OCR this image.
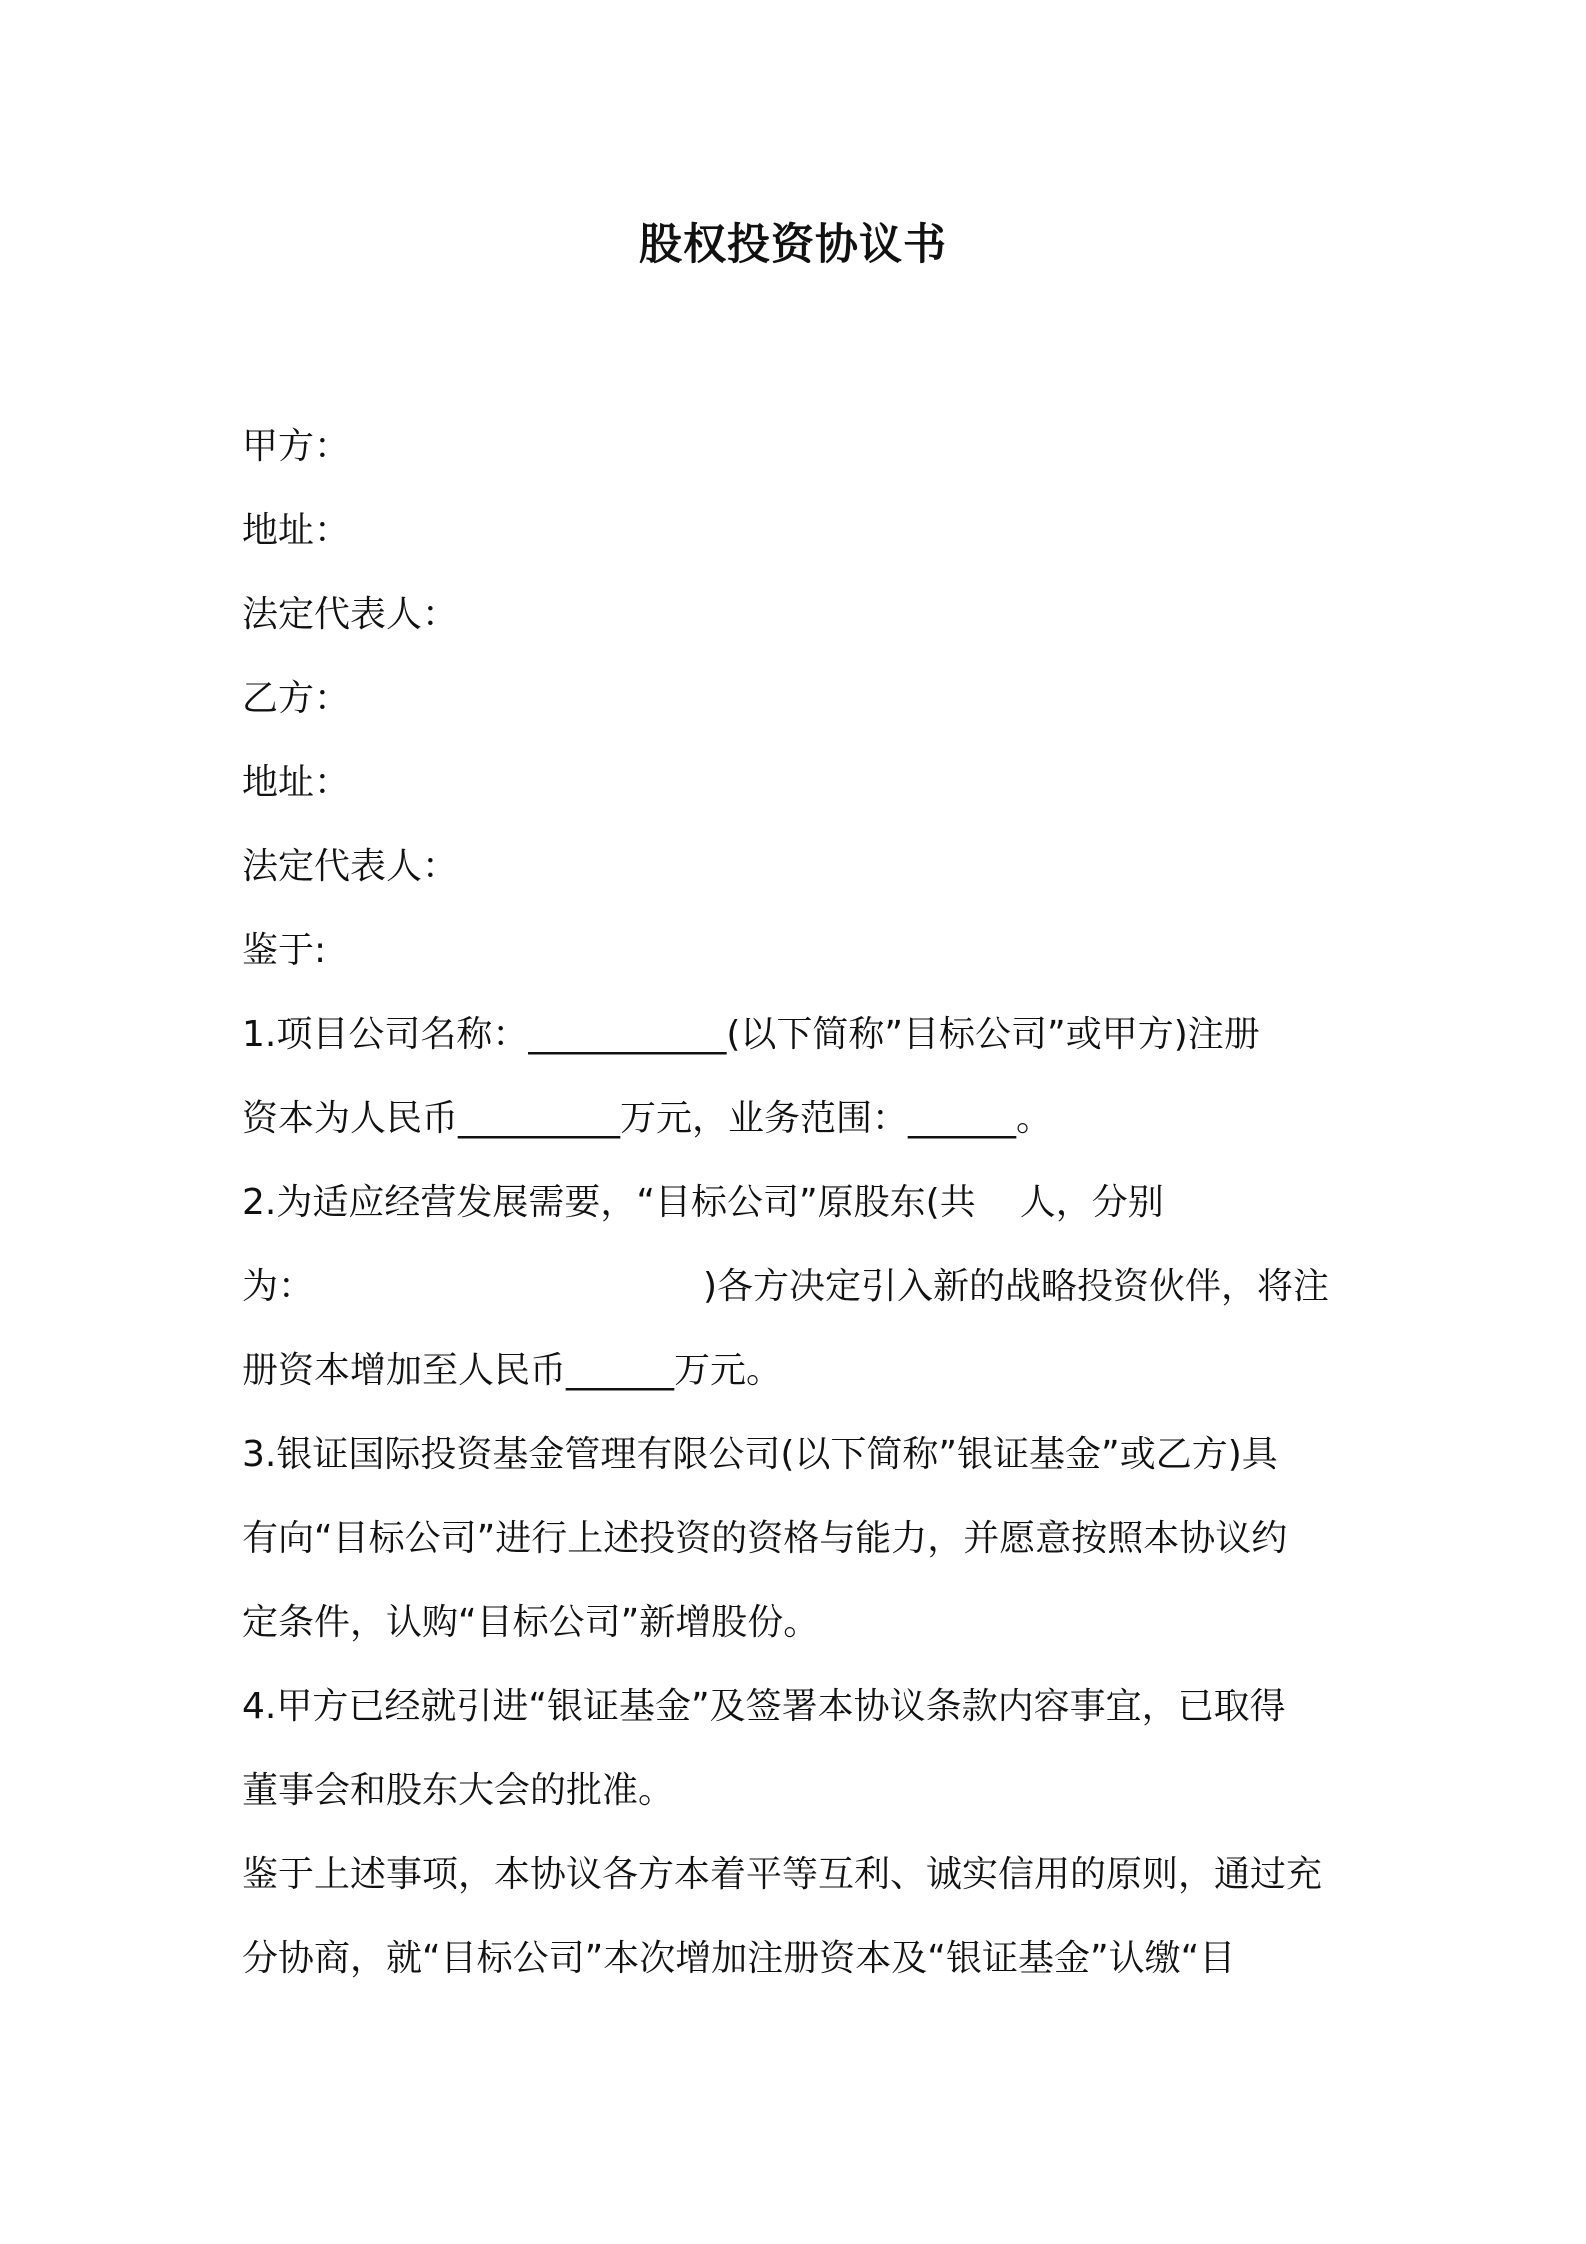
股权投资协议书

甲方：

地址：

法定代表人：

乙方：

地址：

法定代表人：

鉴于:

1.项目公司名称：___________(以下简称”目标公司”或甲方)注册

资本为人民币_________万元，业务范围：______。

2.为适应经营发展需要，“目标公司”原股东(共 人，分别

为：	)各方决定引入新的战略投资伙伴，将注

册资本增加至人民币______万元。

3.银证国际投资基金管理有限公司(以下简称”银证基金”或乙方)具

有向“目标公司”进行上述投资的资格与能力，并愿意按照本协议约

定条件，认购“目标公司”新增股份。

4.甲方已经就引进“银证基金”及签署本协议条款内容事宜，已取得

董事会和股东大会的批准。

鉴于上述事项，本协议各方本着平等互利、诚实信用的原则，通过充

分协商，就“目标公司”本次增加注册资本及“银证基金”认缴“目
